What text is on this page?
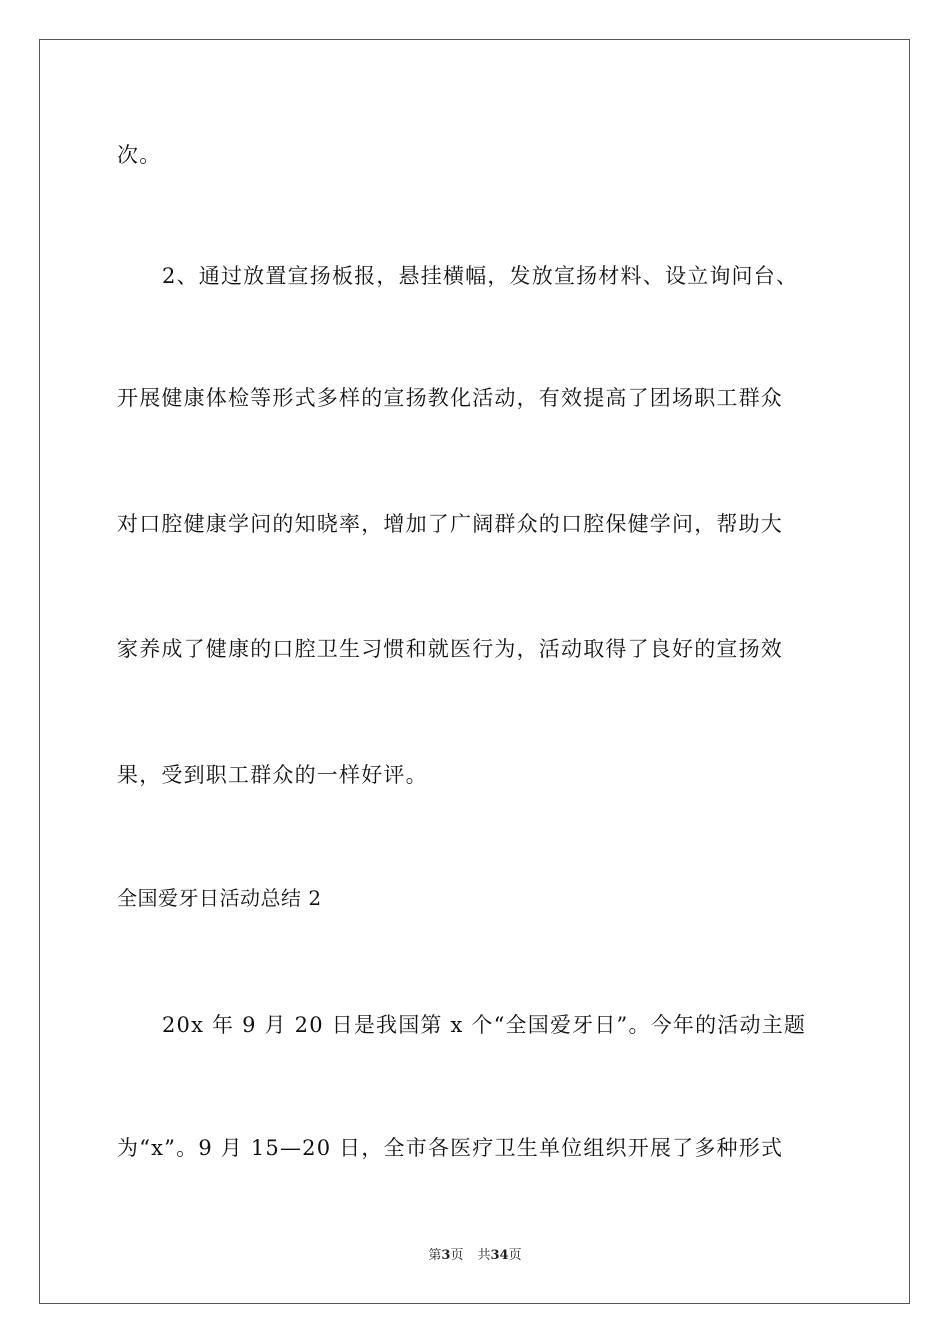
次。
2、通过放置宣扬板报，悬挂横幅，发放宣扬材料、设立询问台、
开展健康体检等形式多样的宣扬教化活动，有效提高了团场职工群众
对口腔健康学问的知晓率，增加了广阔群众的口腔保健学问，帮助大
家养成了健康的口腔卫生习惯和就医行为，活动取得了良好的宣扬效
果，受到职工群众的一样好评。
全国爱牙日活动总结 2
20x 年 9 月 20 日是我国第 x 个“全国爱牙日”。今年的活动主题
为“x”。9 月 15—20 日，全市各医疗卫生单位组织开展了多种形式
第3页 共34页
